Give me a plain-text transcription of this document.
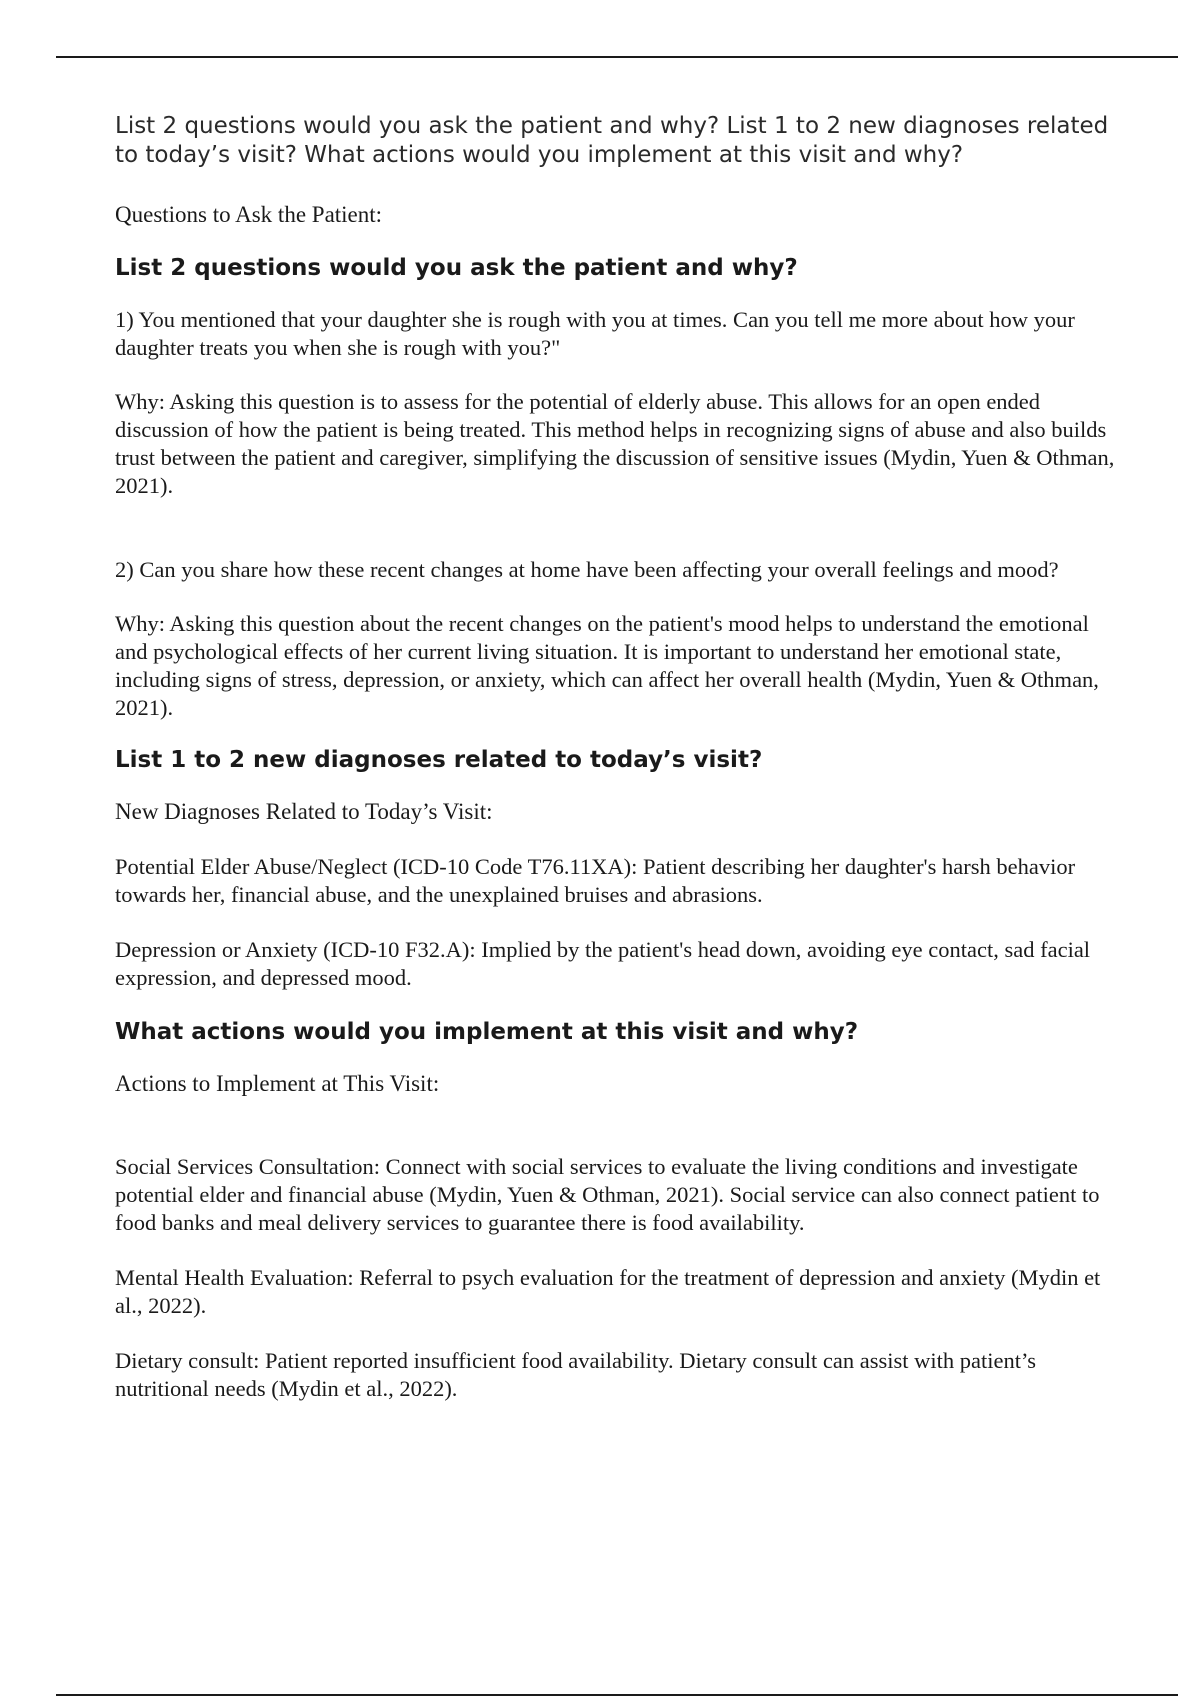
List 2 questions would you ask the patient and why? List 1 to 2 new diagnoses related to today’s visit? What actions would you implement at this visit and why?

Questions to Ask the Patient:

List 2 questions would you ask the patient and why?

1) You mentioned that your daughter she is rough with you at times. Can you tell me more about how your daughter treats you when she is rough with you?"

Why: Asking this question is to assess for the potential of elderly abuse. This allows for an open ended discussion of how the patient is being treated. This method helps in recognizing signs of abuse and also builds trust between the patient and caregiver, simplifying the discussion of sensitive issues (Mydin, Yuen & Othman, 2021).

2) Can you share how these recent changes at home have been affecting your overall feelings and mood?

Why: Asking this question about the recent changes on the patient's mood helps to understand the emotional and psychological effects of her current living situation. It is important to understand her emotional state, including signs of stress, depression, or anxiety, which can affect her overall health (Mydin, Yuen & Othman, 2021).

List 1 to 2 new diagnoses related to today’s visit?

New Diagnoses Related to Today’s Visit:

Potential Elder Abuse/Neglect (ICD-10 Code T76.11XA): Patient describing her daughter's harsh behavior towards her, financial abuse, and the unexplained bruises and abrasions.

Depression or Anxiety (ICD-10 F32.A): Implied by the patient's head down, avoiding eye contact, sad facial expression, and depressed mood.

What actions would you implement at this visit and why?

Actions to Implement at This Visit:

Social Services Consultation: Connect with social services to evaluate the living conditions and investigate potential elder and financial abuse (Mydin, Yuen & Othman, 2021). Social service can also connect patient to food banks and meal delivery services to guarantee there is food availability.

Mental Health Evaluation: Referral to psych evaluation for the treatment of depression and anxiety (Mydin et al., 2022).

Dietary consult: Patient reported insufficient food availability. Dietary consult can assist with patient’s nutritional needs (Mydin et al., 2022).
